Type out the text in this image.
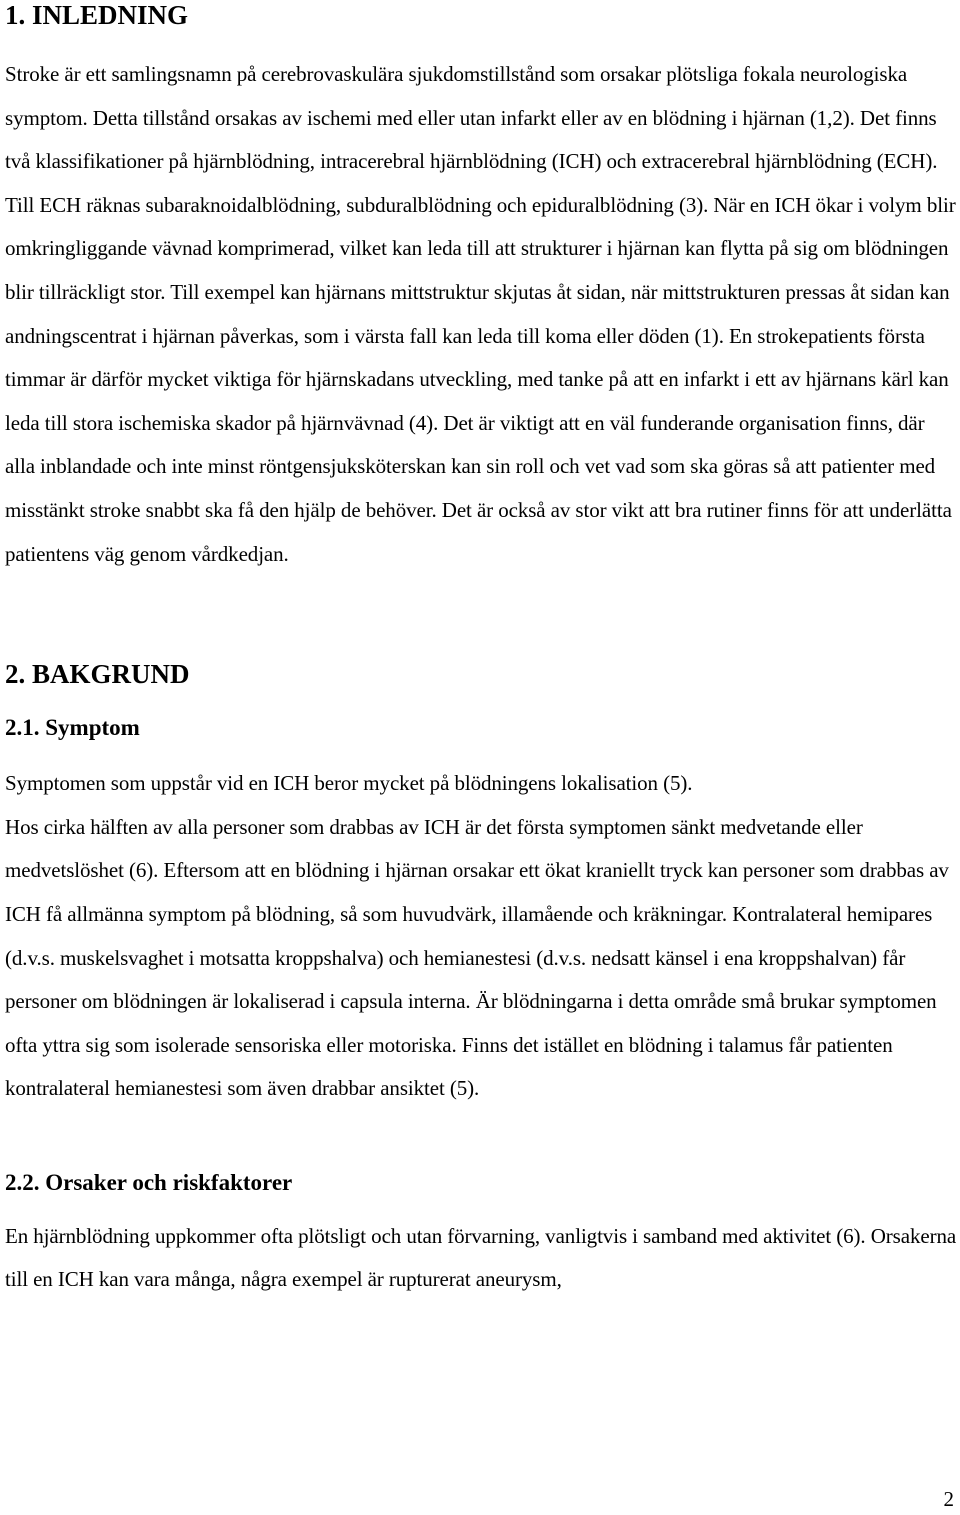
1. INLEDNING

Stroke är ett samlingsnamn på cerebrovaskulära sjukdomstillstånd som orsakar plötsliga fokala neurologiska symptom. Detta tillstånd orsakas av ischemi med eller utan infarkt eller av en blödning i hjärnan (1,2). Det finns två klassifikationer på hjärnblödning, intracerebral hjärnblödning (ICH) och extracerebral hjärnblödning (ECH). Till ECH räknas subaraknoidalblödning, subduralblödning och epiduralblödning (3). När en ICH ökar i volym blir omkringliggande vävnad komprimerad, vilket kan leda till att strukturer i hjärnan kan flytta på sig om blödningen blir tillräckligt stor. Till exempel kan hjärnans mittstruktur skjutas åt sidan, när mittstrukturen pressas åt sidan kan andningscentrat i hjärnan påverkas, som i värsta fall kan leda till koma eller döden (1). En strokepatients första timmar är därför mycket viktiga för hjärnskadans utveckling, med tanke på att en infarkt i ett av hjärnans kärl kan leda till stora ischemiska skador på hjärnvävnad (4). Det är viktigt att en väl funderande organisation finns, där alla inblandade och inte minst röntgensjuksköterskan kan sin roll och vet vad som ska göras så att patienter med misstänkt stroke snabbt ska få den hjälp de behöver. Det är också av stor vikt att bra rutiner finns för att underlätta patientens väg genom vårdkedjan.

2. BAKGRUND
2.1. Symptom

Symptomen som uppstår vid en ICH beror mycket på blödningens lokalisation (5).

Hos cirka hälften av alla personer som drabbas av ICH är det första symptomen sänkt medvetande eller medvetslöshet (6). Eftersom att en blödning i hjärnan orsakar ett ökat kraniellt tryck kan personer som drabbas av ICH få allmänna symptom på blödning, så som huvudvärk, illamående och kräkningar. Kontralateral hemipares (d.v.s. muskelsvaghet i motsatta kroppshalva) och hemianestesi (d.v.s. nedsatt känsel i ena kroppshalvan) får personer om blödningen är lokaliserad i capsula interna. Är blödningarna i detta område små brukar symptomen ofta yttra sig som isolerade sensoriska eller motoriska. Finns det istället en blödning i talamus får patienten kontralateral hemianestesi som även drabbar ansiktet (5).

2.2. Orsaker och riskfaktorer

En hjärnblödning uppkommer ofta plötsligt och utan förvarning, vanligtvis i samband med aktivitet (6). Orsakerna till en ICH kan vara många, några exempel är rupturerat aneurysm,

2
